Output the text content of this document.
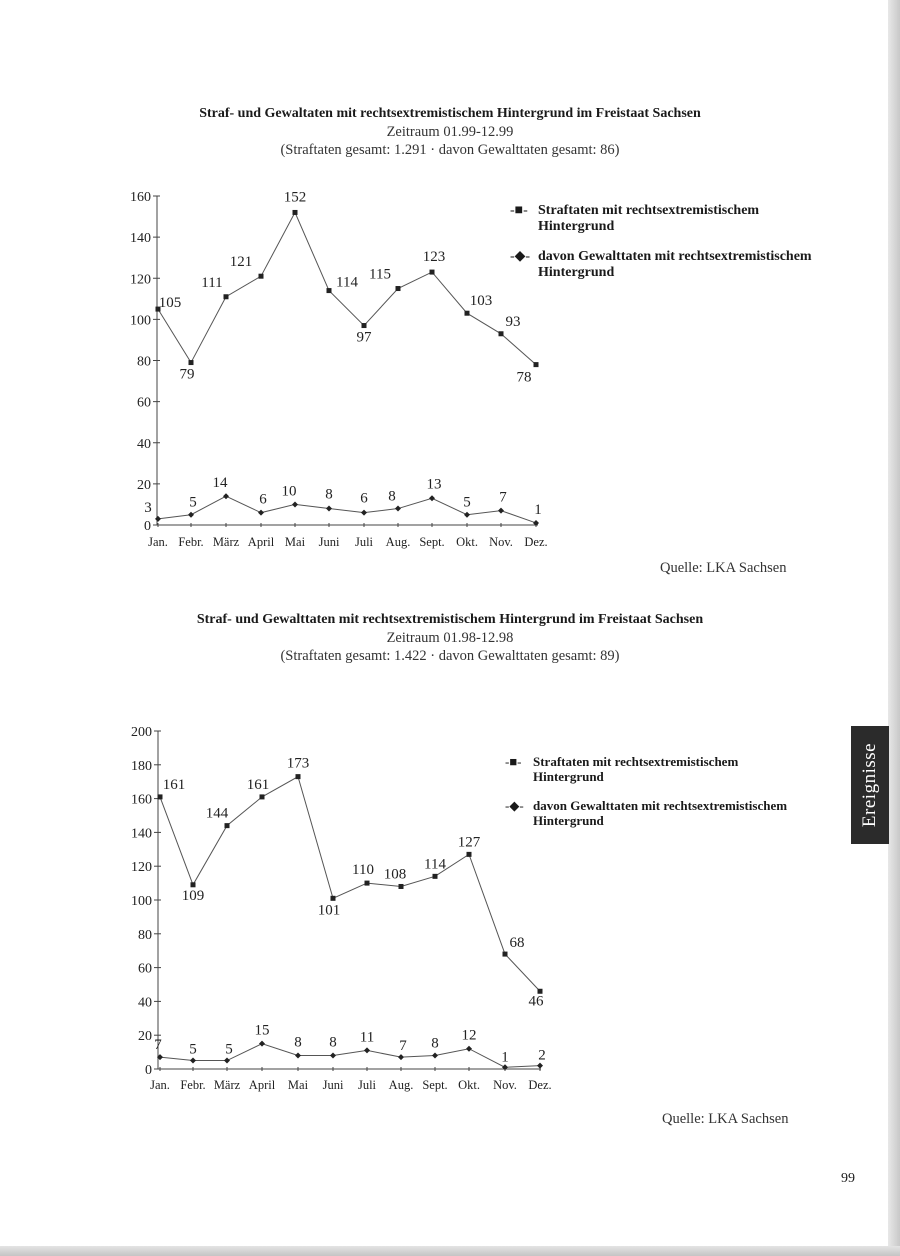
Straf- und Gewaltaten mit rechtsextremistischem Hintergrund im Freistaat Sachsen
Zeitraum 01.99-12.99
(Straftaten gesamt: 1.291 · davon Gewalttaten gesamt: 86)
0
20
40
60
80
100
120
140
160
Jan. Febr. März April Mai Juni Juli Aug. Sept. Okt. Nov. Dez.
105
79
111
121
152
114
97
115
123
103
93
78
3	5
14
6
10 8 6 8
13
5 7
1
-■- Straftaten mit rechtsextremistischem Hintergrund
-◆- davon Gewalttaten mit rechtsextremistischem Hintergrund
Quelle: LKA Sachsen
Straf- und Gewalttaten mit rechtsextremistischem Hintergrund im Freistaat Sachsen
Zeitraum 01.98-12.98
(Straftaten gesamt: 1.422 · davon Gewalttaten gesamt: 89)
0
20
40
60
80
100
120
140
160
180
200
Jan. Febr. März April Mai Juni Juli Aug. Sept. Okt. Nov. Dez.
161
109
144
161
173
101
110 108
114
127
68
46
7 5 5
15
8 8 11
7 8 12
1 2
-■- Straftaten mit rechtsextremistischem Hintergrund
-◆- davon Gewalttaten mit rechtsextremistischem Hintergrund
Quelle: LKA Sachsen
Ereignisse
99
